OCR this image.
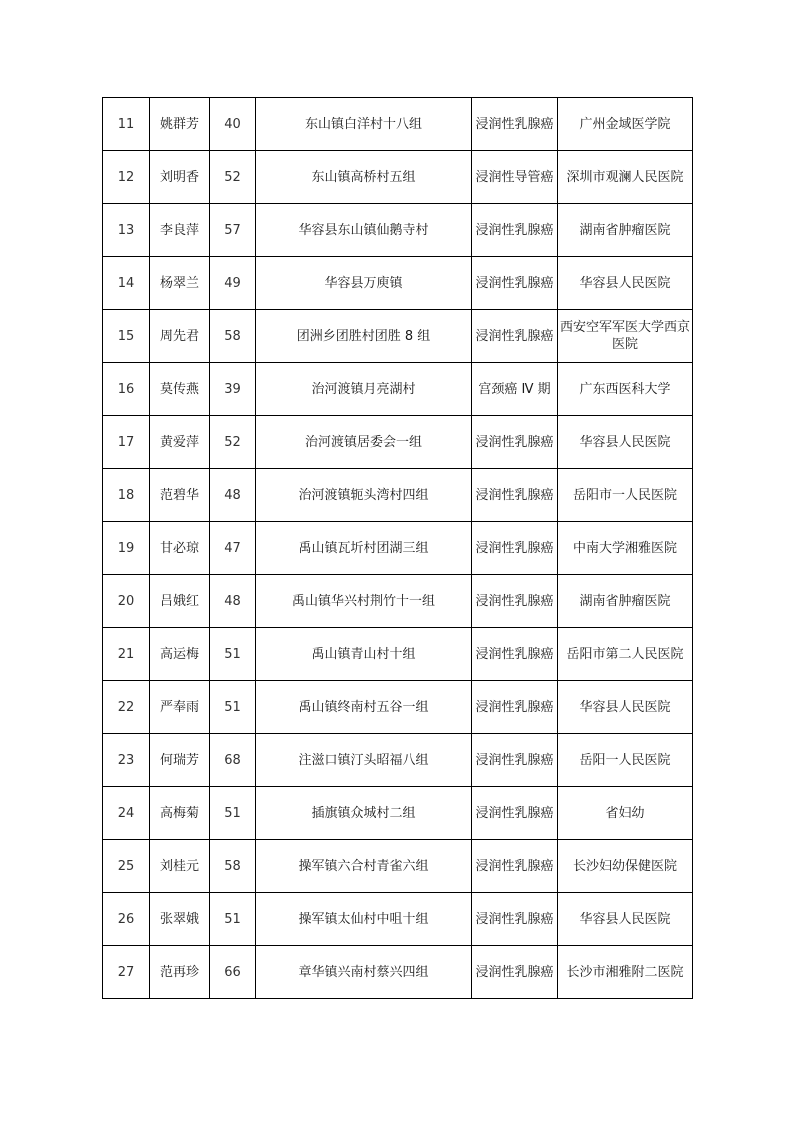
11	姚群芳	40	东山镇白洋村十八组	浸润性乳腺癌	广州金域医学院
12	刘明香	52	东山镇高桥村五组	浸润性导管癌	深圳市观澜人民医院
13	李良萍	57	华容县东山镇仙鹅寺村	浸润性乳腺癌	湖南省肿瘤医院
14	杨翠兰	49	华容县万庾镇	浸润性乳腺癌	华容县人民医院
15	周先君	58	团洲乡团胜村团胜 8 组	浸润性乳腺癌	西安空军军医大学西京医院
16	莫传燕	39	治河渡镇月亮湖村	宫颈癌 Ⅳ 期	广东西医科大学
17	黄爱萍	52	治河渡镇居委会一组	浸润性乳腺癌	华容县人民医院
18	范碧华	48	治河渡镇轭头湾村四组	浸润性乳腺癌	岳阳市一人民医院
19	甘必琼	47	禹山镇瓦圻村团湖三组	浸润性乳腺癌	中南大学湘雅医院
20	吕娥红	48	禹山镇华兴村荆竹十一组	浸润性乳腺癌	湖南省肿瘤医院
21	高运梅	51	禹山镇青山村十组	浸润性乳腺癌	岳阳市第二人民医院
22	严奉雨	51	禹山镇终南村五谷一组	浸润性乳腺癌	华容县人民医院
23	何瑞芳	68	注滋口镇汀头昭福八组	浸润性乳腺癌	岳阳一人民医院
24	高梅菊	51	插旗镇众城村二组	浸润性乳腺癌	省妇幼
25	刘桂元	58	操军镇六合村青雀六组	浸润性乳腺癌	长沙妇幼保健医院
26	张翠娥	51	操军镇太仙村中咀十组	浸润性乳腺癌	华容县人民医院
27	范再珍	66	章华镇兴南村蔡兴四组	浸润性乳腺癌	长沙市湘雅附二医院
